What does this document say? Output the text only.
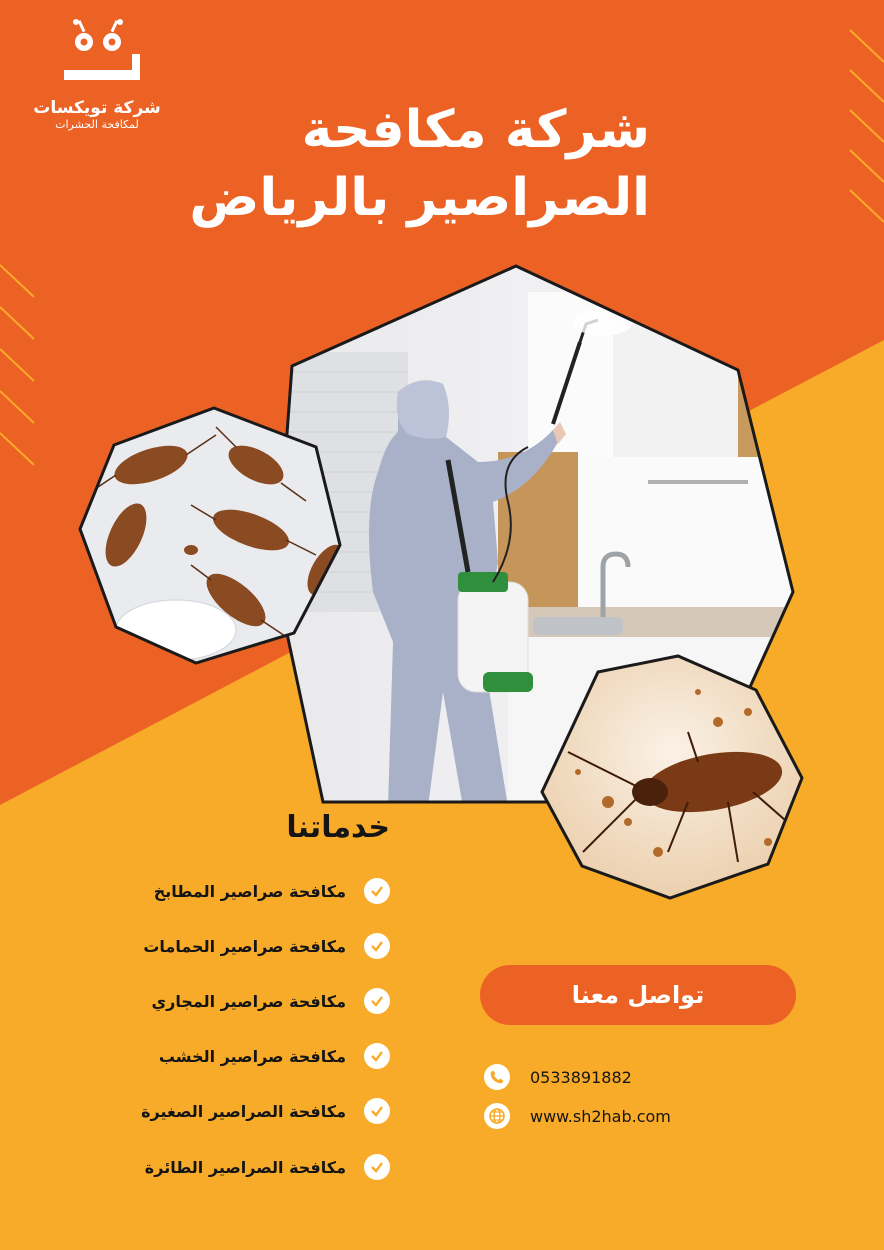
شركة تويكسات
لمكافحة الحشرات	شركة مكافحة
الصراصير بالرياض
خدماتنا
مكافحة صراصير المطابخ
مكافحة صراصير الحمامات
مكافحة صراصير المجاري
مكافحة صراصير الخشب
مكافحة الصراصير الصغيرة
مكافحة الصراصير الطائرة
تواصل معنا
0533891882
www.sh2hab.com
